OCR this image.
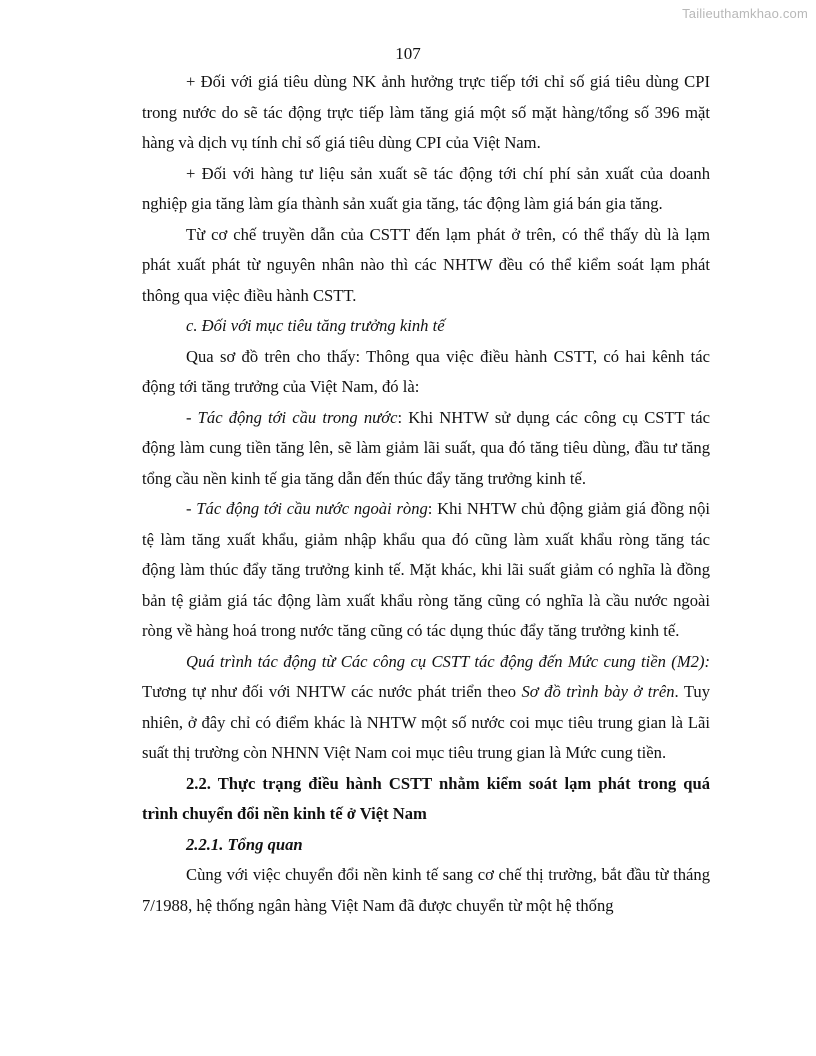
Tailieuthamkhao.com
107

+ Đối với giá tiêu dùng NK ảnh hưởng trực tiếp tới chỉ số giá tiêu dùng CPI trong nước do sẽ tác động trực tiếp làm tăng giá một số mặt hàng/tổng số 396 mặt hàng và dịch vụ tính chỉ số giá tiêu dùng CPI của Việt Nam.

+ Đối với hàng tư liệu sản xuất sẽ tác động tới chí phí sản xuất của doanh nghiệp gia tăng làm gía thành sản xuất gia tăng, tác động làm giá bán gia tăng.

Từ cơ chế truyền dẫn của CSTT đến lạm phát ở trên, có thể thấy dù là lạm phát xuất phát từ nguyên nhân nào thì các NHTW đều có thể kiểm soát lạm phát thông qua việc điều hành CSTT.

c. Đối với mục tiêu tăng trưởng kinh tế

Qua sơ đồ trên cho thấy: Thông qua việc điều hành CSTT, có hai kênh tác động tới tăng trưởng của Việt Nam, đó là:

- Tác động tới cầu trong nước: Khi NHTW sử dụng các công cụ CSTT tác động làm cung tiền tăng lên, sẽ làm giảm lãi suất, qua đó tăng tiêu dùng, đầu tư tăng tổng cầu nền kinh tế gia tăng dẫn đến thúc đẩy tăng trưởng kinh tế.

- Tác động tới cầu nước ngoài ròng: Khi NHTW chủ động giảm giá đồng nội tệ làm tăng xuất khẩu, giảm nhập khẩu qua đó cũng làm xuất khẩu ròng tăng tác động làm thúc đẩy tăng trưởng kinh tế. Mặt khác, khi lãi suất giảm có nghĩa là đồng bản tệ giảm giá tác động làm xuất khẩu ròng tăng cũng có nghĩa là cầu nước ngoài ròng về hàng hoá trong nước tăng cũng có tác dụng thúc đẩy tăng trưởng kinh tế.

Quá trình tác động từ Các công cụ CSTT tác động đến Mức cung tiền (M2): Tương tự như đối với NHTW các nước phát triển theo Sơ đồ trình bày ở trên. Tuy nhiên, ở đây chỉ có điểm khác là NHTW một số nước coi mục tiêu trung gian là Lãi suất thị trường còn NHNN Việt Nam coi mục tiêu trung gian là Mức cung tiền.

2.2. Thực trạng điều hành CSTT nhằm kiểm soát lạm phát trong quá trình chuyển đổi nền kinh tế ở Việt Nam

2.2.1. Tổng quan

Cùng với việc chuyển đổi nền kinh tế sang cơ chế thị trường, bắt đầu từ tháng 7/1988, hệ thống ngân hàng Việt Nam đã được chuyển từ một hệ thống
